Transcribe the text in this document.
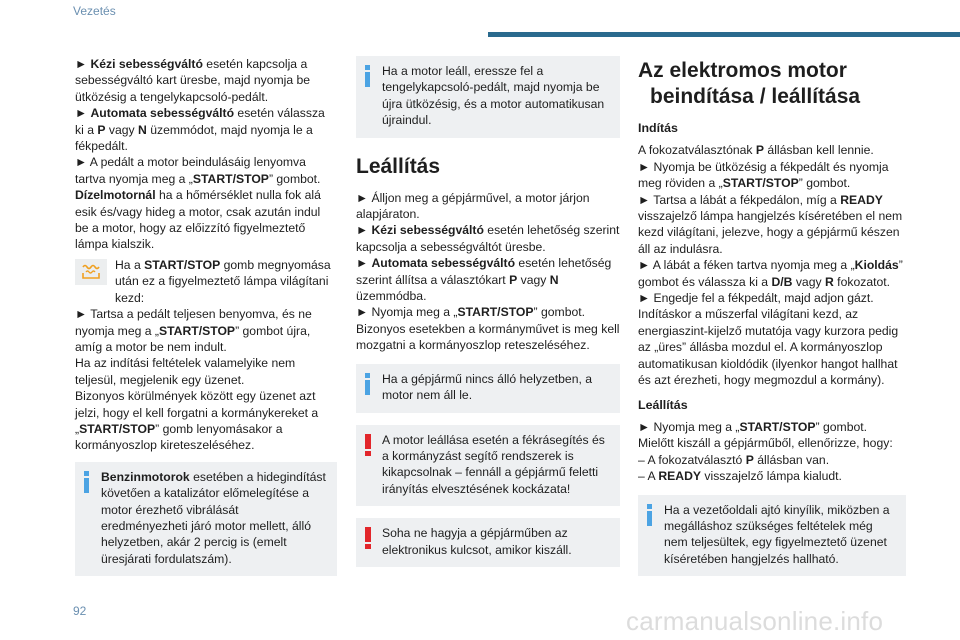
Vezetés

► Kézi sebességváltó esetén kapcsolja a sebességváltó kart üresbe, majd nyomja be ütközésig a tengelykapcsoló-pedált.

► Automata sebességváltó esetén válassza ki a P vagy N üzemmódot, majd nyomja le a fékpedált.

► A pedált a motor beindulásáig lenyomva tartva nyomja meg a „START/STOP” gombot.

Dízelmotornál ha a hőmérséklet nulla fok alá esik és/vagy hideg a motor, csak azután indul be a motor, hogy az előizzító figyelmeztető lámpa kialszik.

Ha a START/STOP gomb megnyomása után ez a figyelmeztető lámpa világítani kezd:

► Tartsa a pedált teljesen benyomva, és ne nyomja meg a „START/STOP” gombot újra, amíg a motor be nem indult.

Ha az indítási feltételek valamelyike nem teljesül, megjelenik egy üzenet.

Bizonyos körülmények között egy üzenet azt jelzi, hogy el kell forgatni a kormánykereket a „START/STOP” gomb lenyomásakor a kormányoszlop kireteszeléséhez.

Benzinmotorok esetében a hidegindítást követően a katalizátor előmelegítése a motor érezhető vibrálását eredményezheti járó motor mellett, álló helyzetben, akár 2 percig is (emelt üresjárati fordulatszám).

Ha a motor leáll, eressze fel a tengelykapcsoló-pedált, majd nyomja be újra ütközésig, és a motor automatikusan újraindul.

Leállítás

► Álljon meg a gépjárművel, a motor járjon alapjáraton.

► Kézi sebességváltó esetén lehetőség szerint kapcsolja a sebességváltót üresbe.

► Automata sebességváltó esetén lehetőség szerint állítsa a választókart P vagy N üzemmódba.

► Nyomja meg a „START/STOP” gombot.

Bizonyos esetekben a kormányművet is meg kell mozgatni a kormányoszlop reteszeléséhez.

Ha a gépjármű nincs álló helyzetben, a motor nem áll le.

A motor leállása esetén a fékrásegítés és a kormányzást segítő rendszerek is kikapcsolnak – fennáll a gépjármű feletti irányítás elvesztésének kockázata!

Soha ne hagyja a gépjárműben az elektronikus kulcsot, amikor kiszáll.

Az elektromos motor
beindítása / leállítása
Indítás

A fokozatválasztónak P állásban kell lennie.

► Nyomja be ütközésig a fékpedált és nyomja meg röviden a „START/STOP” gombot.

► Tartsa a lábát a fékpedálon, míg a READY visszajelző lámpa hangjelzés kíséretében el nem kezd világítani, jelezve, hogy a gépjármű készen áll az indulásra.

► A lábát a féken tartva nyomja meg a „Kioldás” gombot és válassza ki a D/B vagy R fokozatot.

► Engedje fel a fékpedált, majd adjon gázt.

Indításkor a műszerfal világítani kezd, az energiaszint-kijelző mutatója vagy kurzora pedig az „üres” állásba mozdul el. A kormányoszlop automatikusan kioldódik (ilyenkor hangot hallhat és azt érezheti, hogy megmozdul a kormány).

Leállítás

► Nyomja meg a „START/STOP” gombot.

Mielőtt kiszáll a gépjárműből, ellenőrizze, hogy:

– A fokozatválasztó P állásban van.

– A READY visszajelző lámpa kialudt.

Ha a vezetőoldali ajtó kinyílik, miközben a megálláshoz szükséges feltételek még nem teljesültek, egy figyelmeztető üzenet kíséretében hangjelzés hallható.

92	carmanualsonline.info
